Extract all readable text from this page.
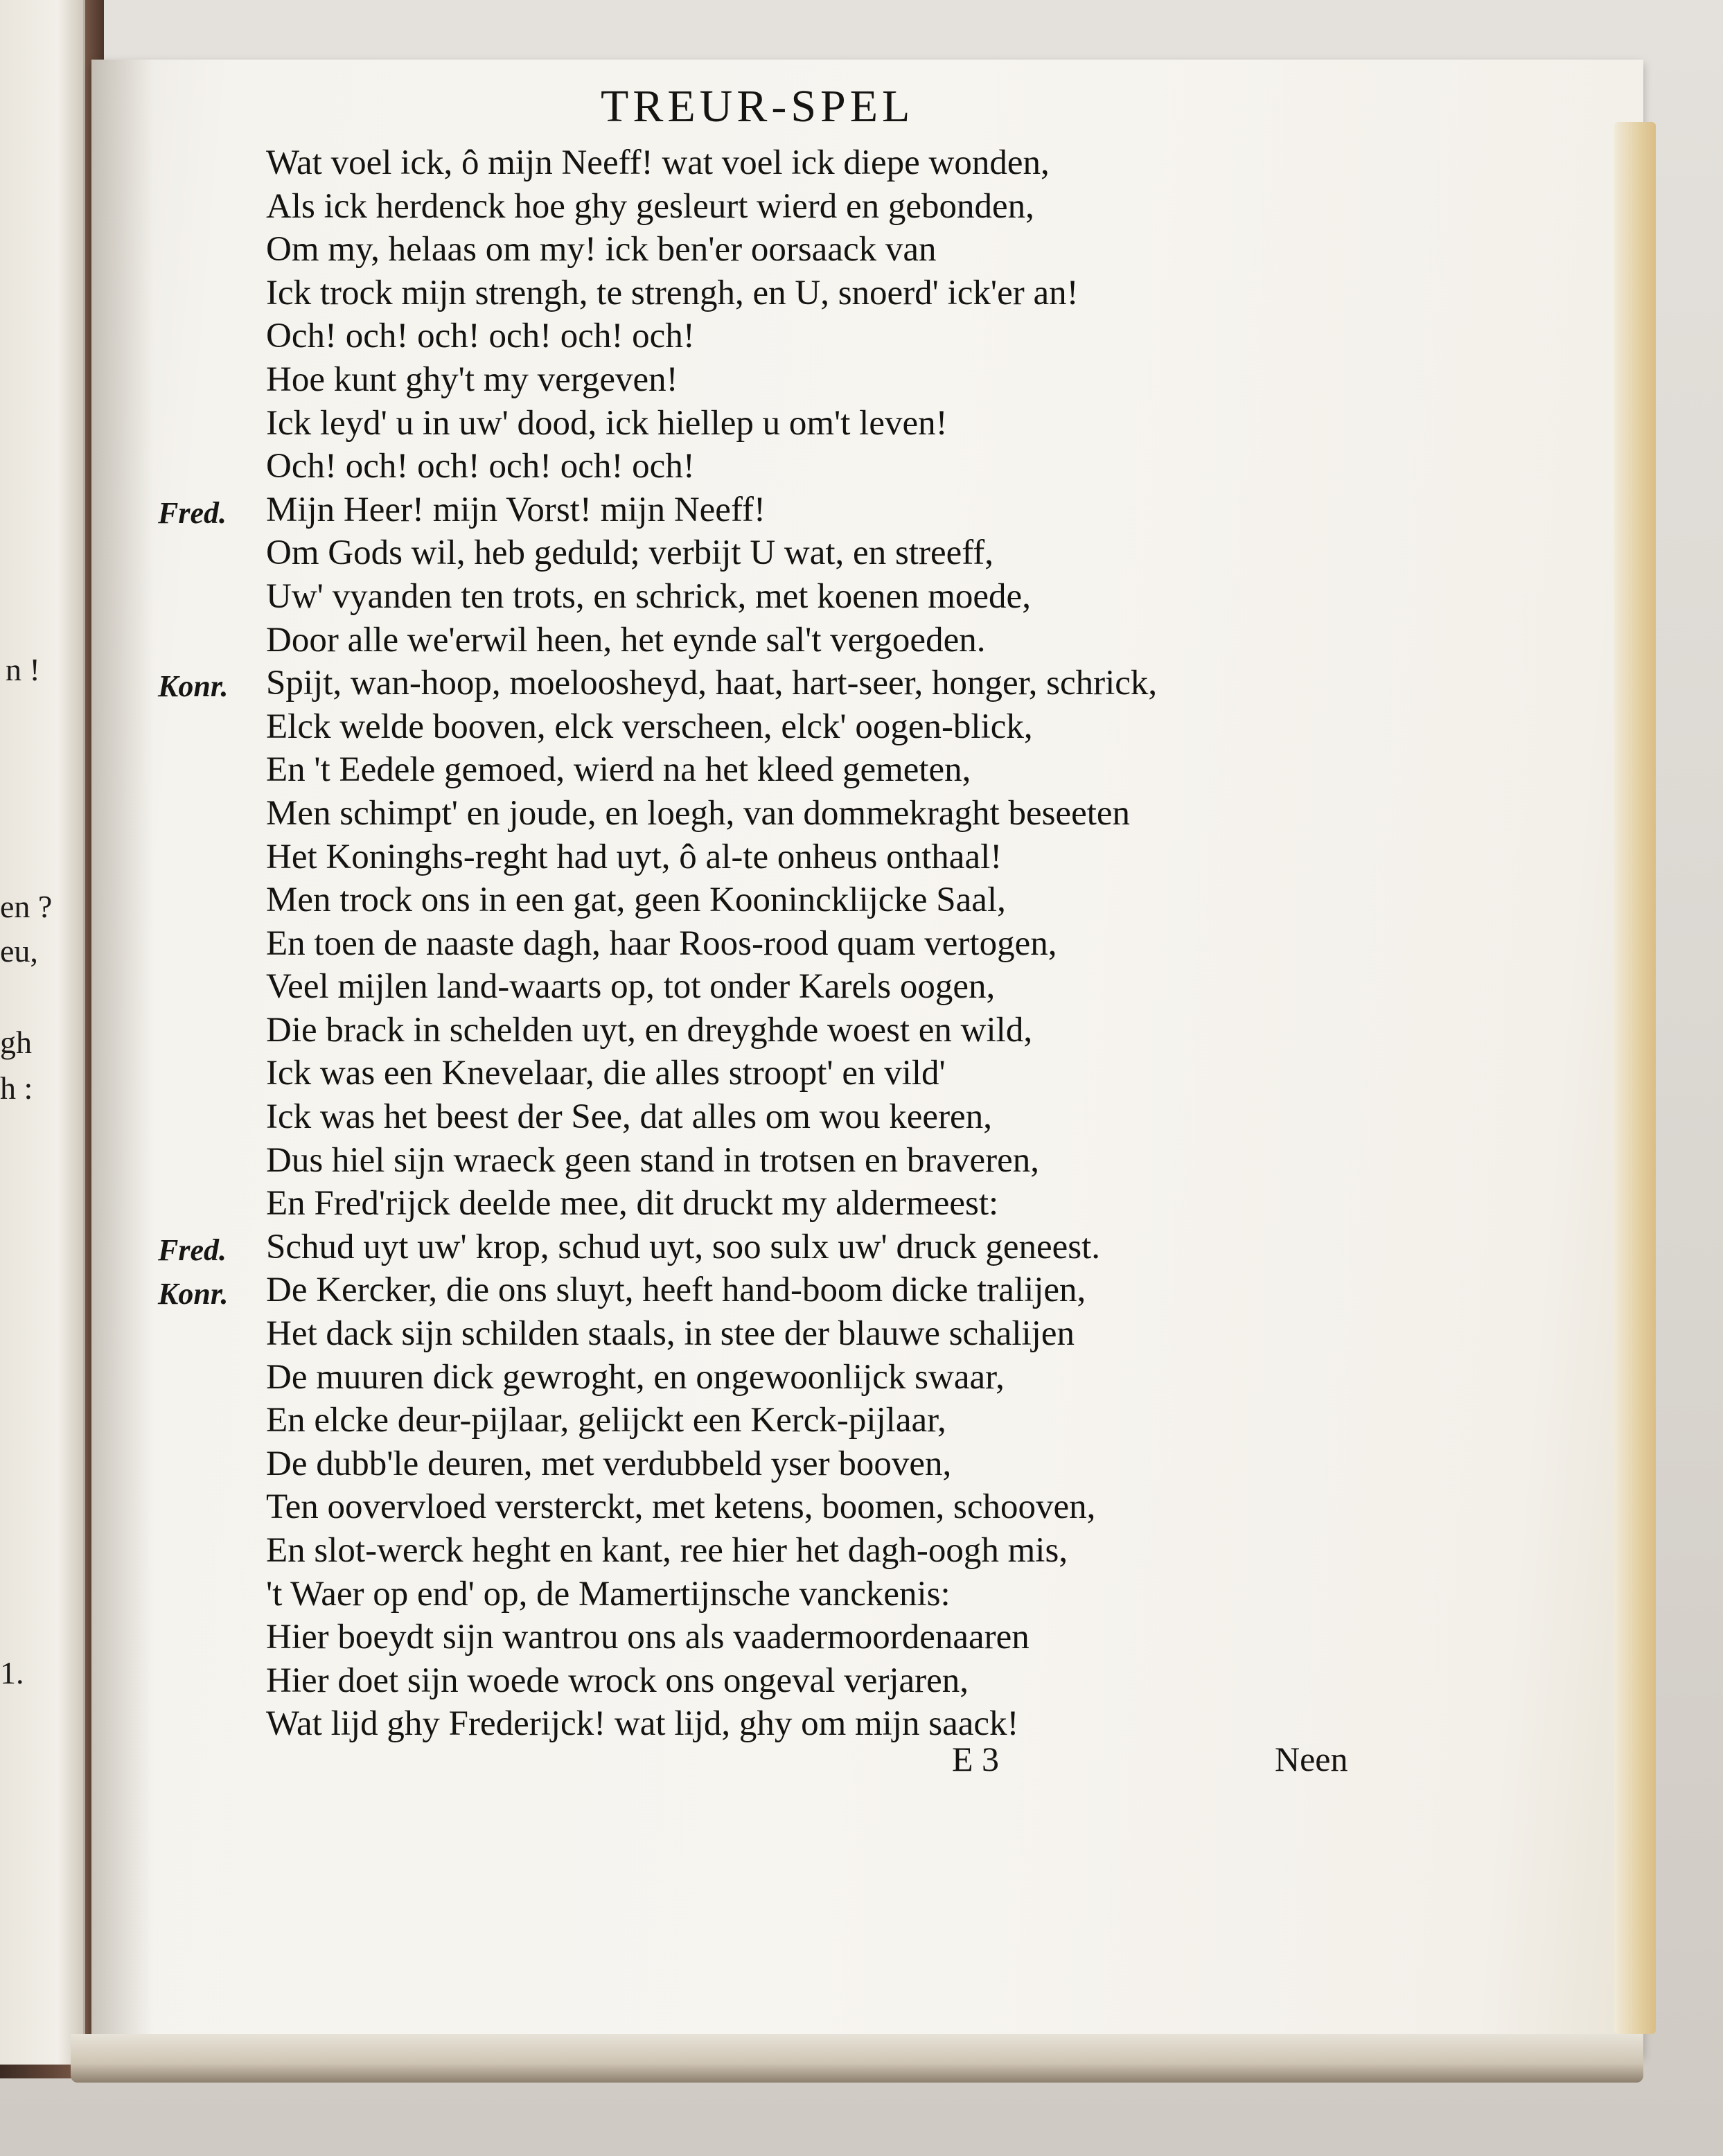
n !
en ?
eu,
gh
h :
1.
TREUR-SPEL
Wat voel ick, ô mijn Neeff! wat voel ick diepe wonden,
Als ick herdenck hoe ghy gesleurt wierd en gebonden,
Om my, helaas om my! ick ben'er oorsaack van
Ick trock mijn strengh, te strengh, en U, snoerd' ick'er an!
Och! och! och! och! och! och!
Hoe kunt ghy't my vergeven!
Ick leyd' u in uw' dood, ick hiellep u om't leven!
Och! och! och! och! och! och!
Mijn Heer! mijn Vorst! mijn Neeff!
Om Gods wil, heb geduld; verbijt U wat, en streeff,
Uw' vyanden ten trots, en schrick, met koenen moede,
Door alle we'erwil heen, het eynde sal't vergoeden.
Spijt, wan-hoop, moeloosheyd, haat, hart-seer, honger, schrick,
Elck welde booven, elck verscheen, elck' oogen-blick,
En 't Eedele gemoed, wierd na het kleed gemeten,
Men schimpt' en joude, en loegh, van dommekraght beseeten
Het Koninghs-reght had uyt, ô al-te onheus onthaal!
Men trock ons in een gat, geen Koonincklijcke Saal,
En toen de naaste dagh, haar Roos-rood quam vertogen,
Veel mijlen land-waarts op, tot onder Karels oogen,
Die brack in schelden uyt, en dreyghde woest en wild,
Ick was een Knevelaar, die alles stroopt' en vild'
Ick was het beest der See, dat alles om wou keeren,
Dus hiel sijn wraeck geen stand in trotsen en braveren,
En Fred'rijck deelde mee, dit druckt my aldermeest:
Schud uyt uw' krop, schud uyt, soo sulx uw' druck geneest.
De Kercker, die ons sluyt, heeft hand-boom dicke tralijen,
Het dack sijn schilden staals, in stee der blauwe schalijen
De muuren dick gewroght, en ongewoonlijck swaar,
En elcke deur-pijlaar, gelijckt een Kerck-pijlaar,
De dubb'le deuren, met verdubbeld yser booven,
Ten oovervloed versterckt, met ketens, boomen, schooven,
En slot-werck heght en kant, ree hier het dagh-oogh mis,
't Waer op end' op, de Mamertijnsche vanckenis:
Hier boeydt sijn wantrou ons als vaadermoordenaaren
Hier doet sijn woede wrock ons ongeval verjaren,
Wat lijd ghy Frederijck! wat lijd, ghy om mijn saack!
Fred.
Konr.
Fred.
Konr.
E 3	Neen
